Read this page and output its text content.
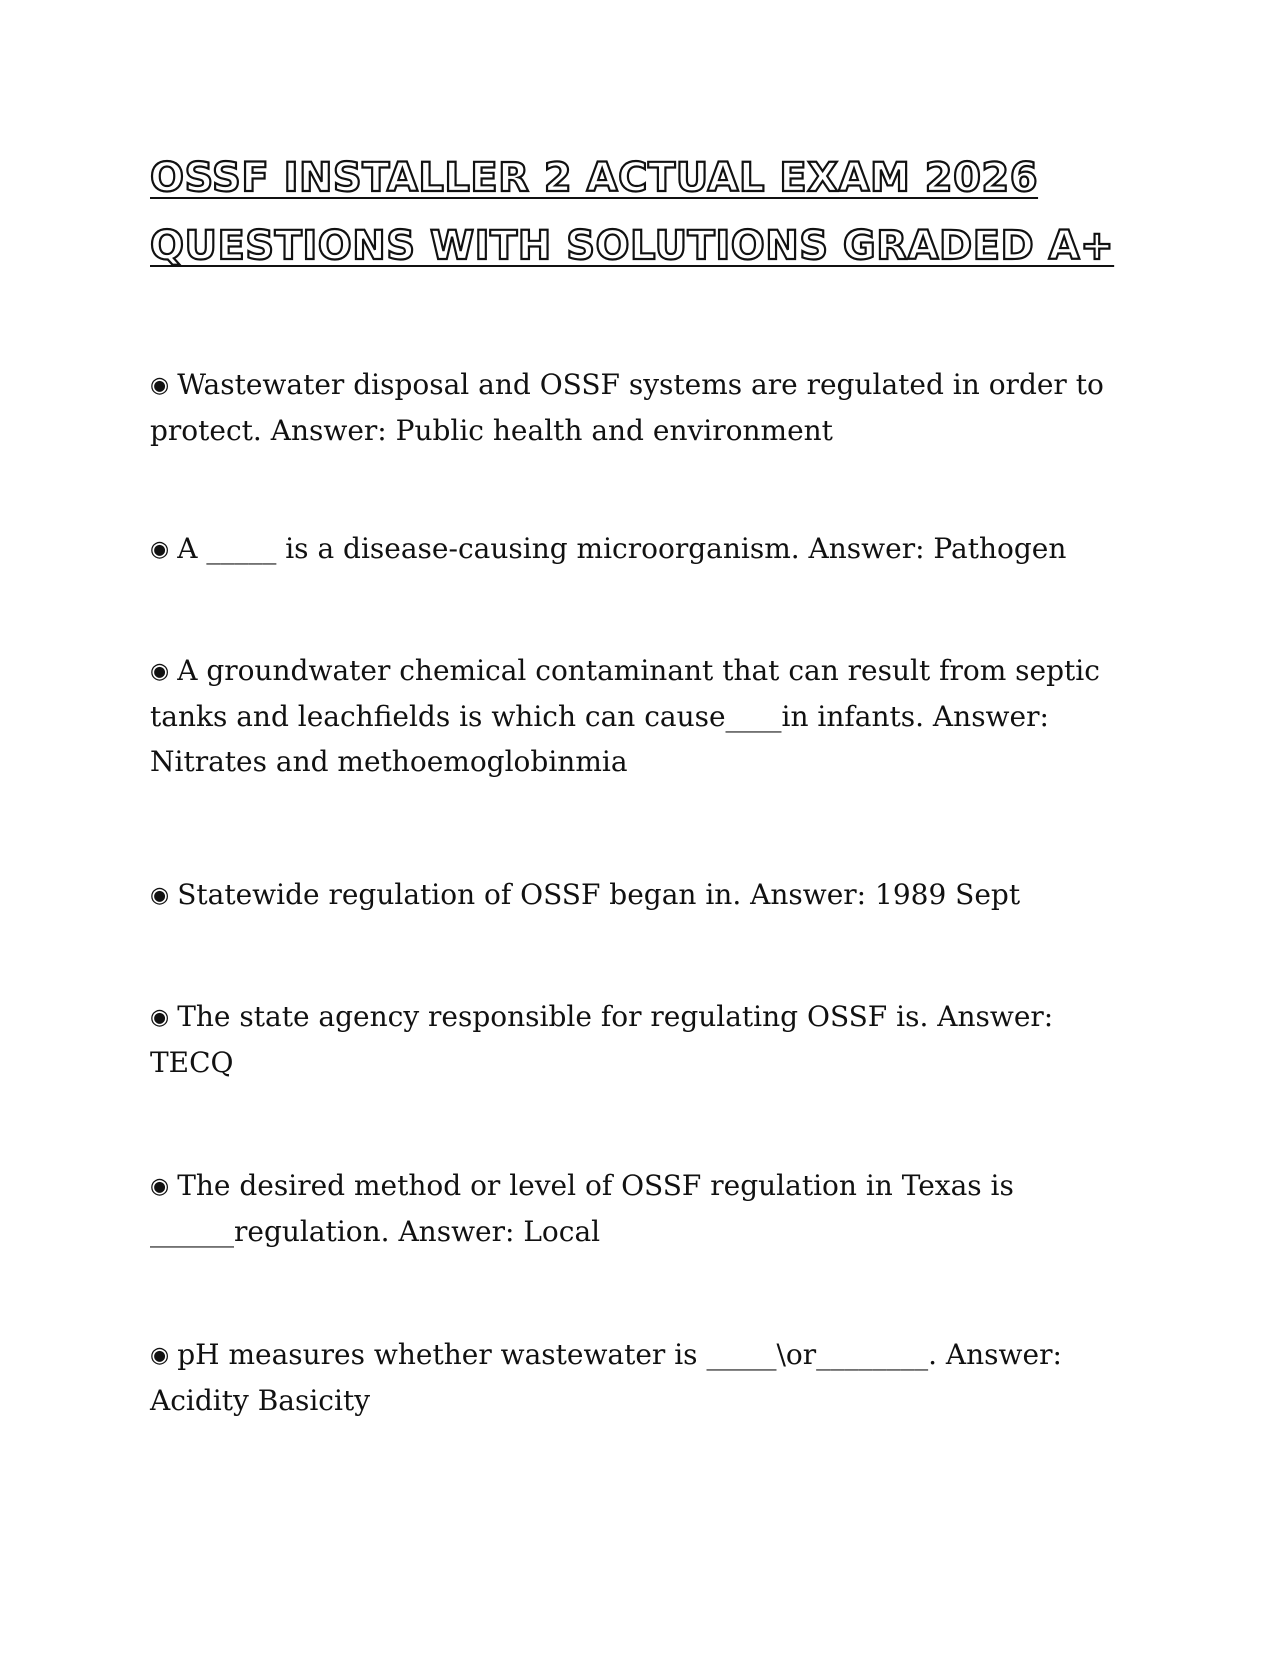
OSSF INSTALLER 2 ACTUAL EXAM 2026
QUESTIONS WITH SOLUTIONS GRADED A+

◉ Wastewater disposal and OSSF systems are regulated in order to protect. Answer: Public health and environment

◉ A _____ is a disease-causing microorganism. Answer: Pathogen

◉ A groundwater chemical contaminant that can result from septic tanks and leachfields is which can cause____in infants. Answer: Nitrates and methoemoglobinmia

◉ Statewide regulation of OSSF began in. Answer: 1989 Sept

◉ The state agency responsible for regulating OSSF is. Answer: TECQ

◉ The desired method or level of OSSF regulation in Texas is ______regulation. Answer: Local

◉ pH measures whether wastewater is _____\or________. Answer: Acidity Basicity
